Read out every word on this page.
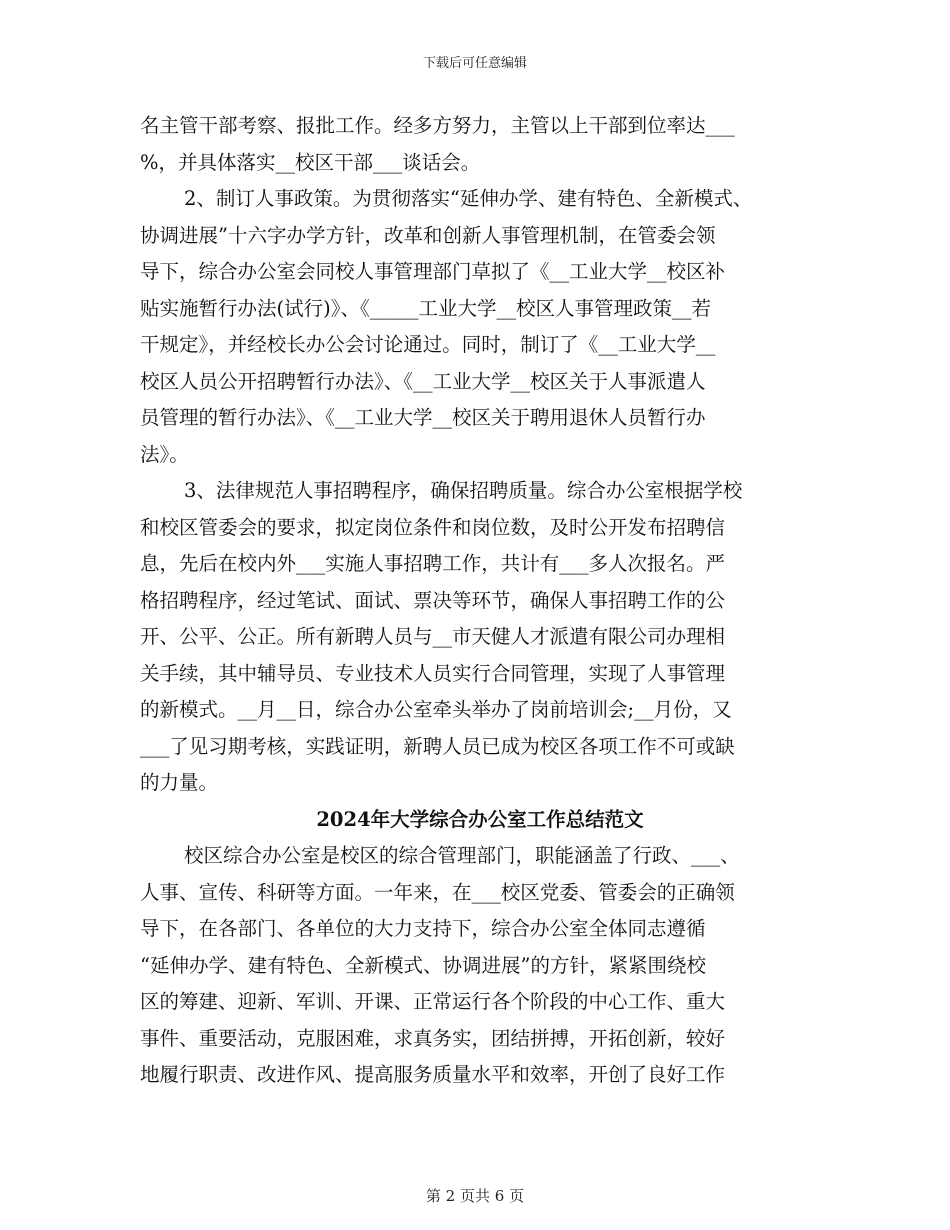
下载后可任意编辑
名主管干部考察、报批工作。经多方努力，主管以上干部到位率达___
%，并具体落实__校区干部___谈话会。
2、制订人事政策。为贯彻落实“延伸办学、建有特色、全新模式、
协调进展”十六字办学方针，改革和创新人事管理机制，在管委会领
导下，综合办公室会同校人事管理部门草拟了《__工业大学__校区补
贴实施暂行办法(试行)》、《_____工业大学__校区人事管理政策__若
干规定》，并经校长办公会讨论通过。同时，制订了《__工业大学__
校区人员公开招聘暂行办法》、《__工业大学__校区关于人事派遣人
员管理的暂行办法》、《__工业大学__校区关于聘用退休人员暂行办
法》。
3、法律规范人事招聘程序，确保招聘质量。综合办公室根据学校
和校区管委会的要求，拟定岗位条件和岗位数，及时公开发布招聘信
息，先后在校内外___实施人事招聘工作，共计有___多人次报名。严
格招聘程序，经过笔试、面试、票决等环节，确保人事招聘工作的公
开、公平、公正。所有新聘人员与__市天健人才派遣有限公司办理相
关手续，其中辅导员、专业技术人员实行合同管理，实现了人事管理
的新模式。__月__日，综合办公室牵头举办了岗前培训会;__月份，又
___了见习期考核，实践证明，新聘人员已成为校区各项工作不可或缺
的力量。
2024年大学综合办公室工作总结范文
校区综合办公室是校区的综合管理部门，职能涵盖了行政、___、
人事、宣传、科研等方面。一年来，在___校区党委、管委会的正确领
导下，在各部门、各单位的大力支持下，综合办公室全体同志遵循
“延伸办学、建有特色、全新模式、协调进展”的方针，紧紧围绕校
区的筹建、迎新、军训、开课、正常运行各个阶段的中心工作、重大
事件、重要活动，克服困难，求真务实，团结拼搏，开拓创新，较好
地履行职责、改进作风、提高服务质量水平和效率，开创了良好工作
第 2 页共 6 页
